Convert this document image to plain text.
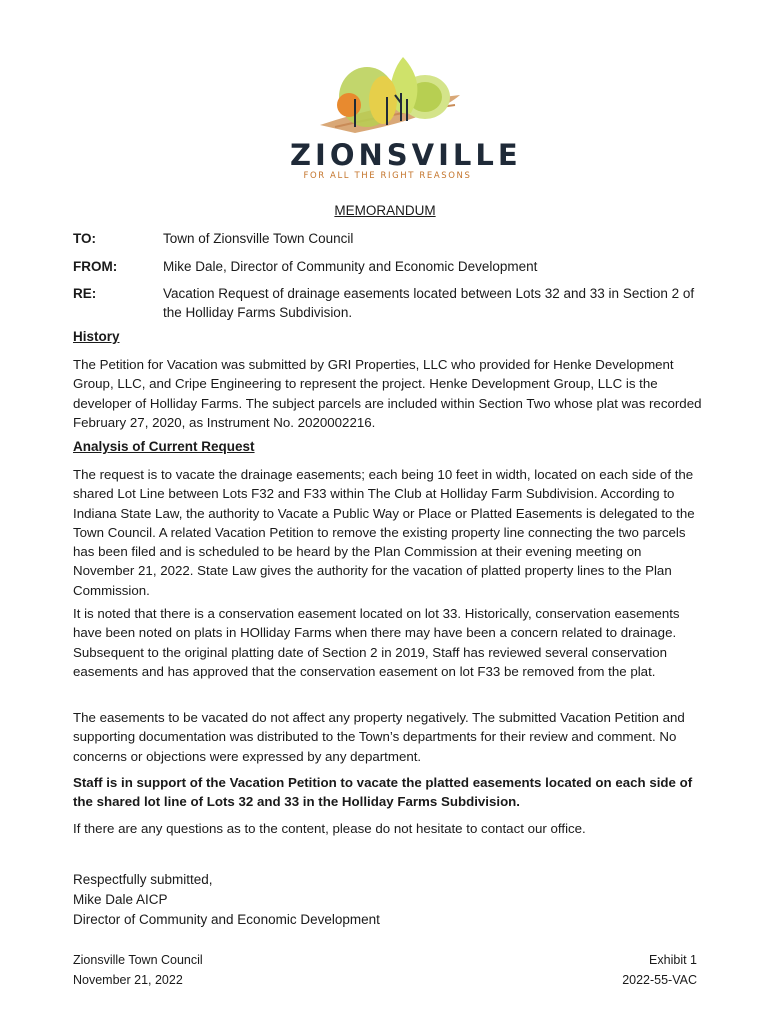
ZIONSVILLE
FOR ALL THE RIGHT REASONS
MEMORANDUM
TO:	Town of Zionsville Town Council
FROM:	Mike Dale, Director of Community and Economic Development
RE:	Vacation Request of drainage easements located between Lots 32 and 33 in Section 2 of the Holliday Farms Subdivision.
History

The Petition for Vacation was submitted by GRI Properties, LLC who provided for Henke Development Group, LLC, and Cripe Engineering to represent the project. Henke Development Group, LLC is the developer of Holliday Farms. The subject parcels are included within Section Two whose plat was recorded February 27, 2020, as Instrument No. 2020002216.

Analysis of Current Request

The request is to vacate the drainage easements; each being 10 feet in width, located on each side of the shared Lot Line between Lots F32 and F33 within The Club at Holliday Farm Subdivision. According to Indiana State Law, the authority to Vacate a Public Way or Place or Platted Easements is delegated to the Town Council. A related Vacation Petition to remove the existing property line connecting the two parcels has been filed and is scheduled to be heard by the Plan Commission at their evening meeting on November 21, 2022. State Law gives the authority for the vacation of platted property lines to the Plan Commission.

It is noted that there is a conservation easement located on lot 33. Historically, conservation easements have been noted on plats in HOlliday Farms when there may have been a concern related to drainage. Subsequent to the original platting date of Section 2 in 2019, Staff has reviewed several conservation easements and has approved that the conservation easement on lot F33 be removed from the plat.

The easements to be vacated do not affect any property negatively. The submitted Vacation Petition and supporting documentation was distributed to the Town’s departments for their review and comment. No concerns or objections were expressed by any department.

Staff is in support of the Vacation Petition to vacate the platted easements located on each side of the shared lot line of Lots 32 and 33 in the Holliday Farms Subdivision.

If there are any questions as to the content, please do not hesitate to contact our office.

Respectfully submitted,
Mike Dale AICP
Director of Community and Economic Development
Zionsville Town Council
November 21, 2022
Exhibit 1
2022-55-VAC
